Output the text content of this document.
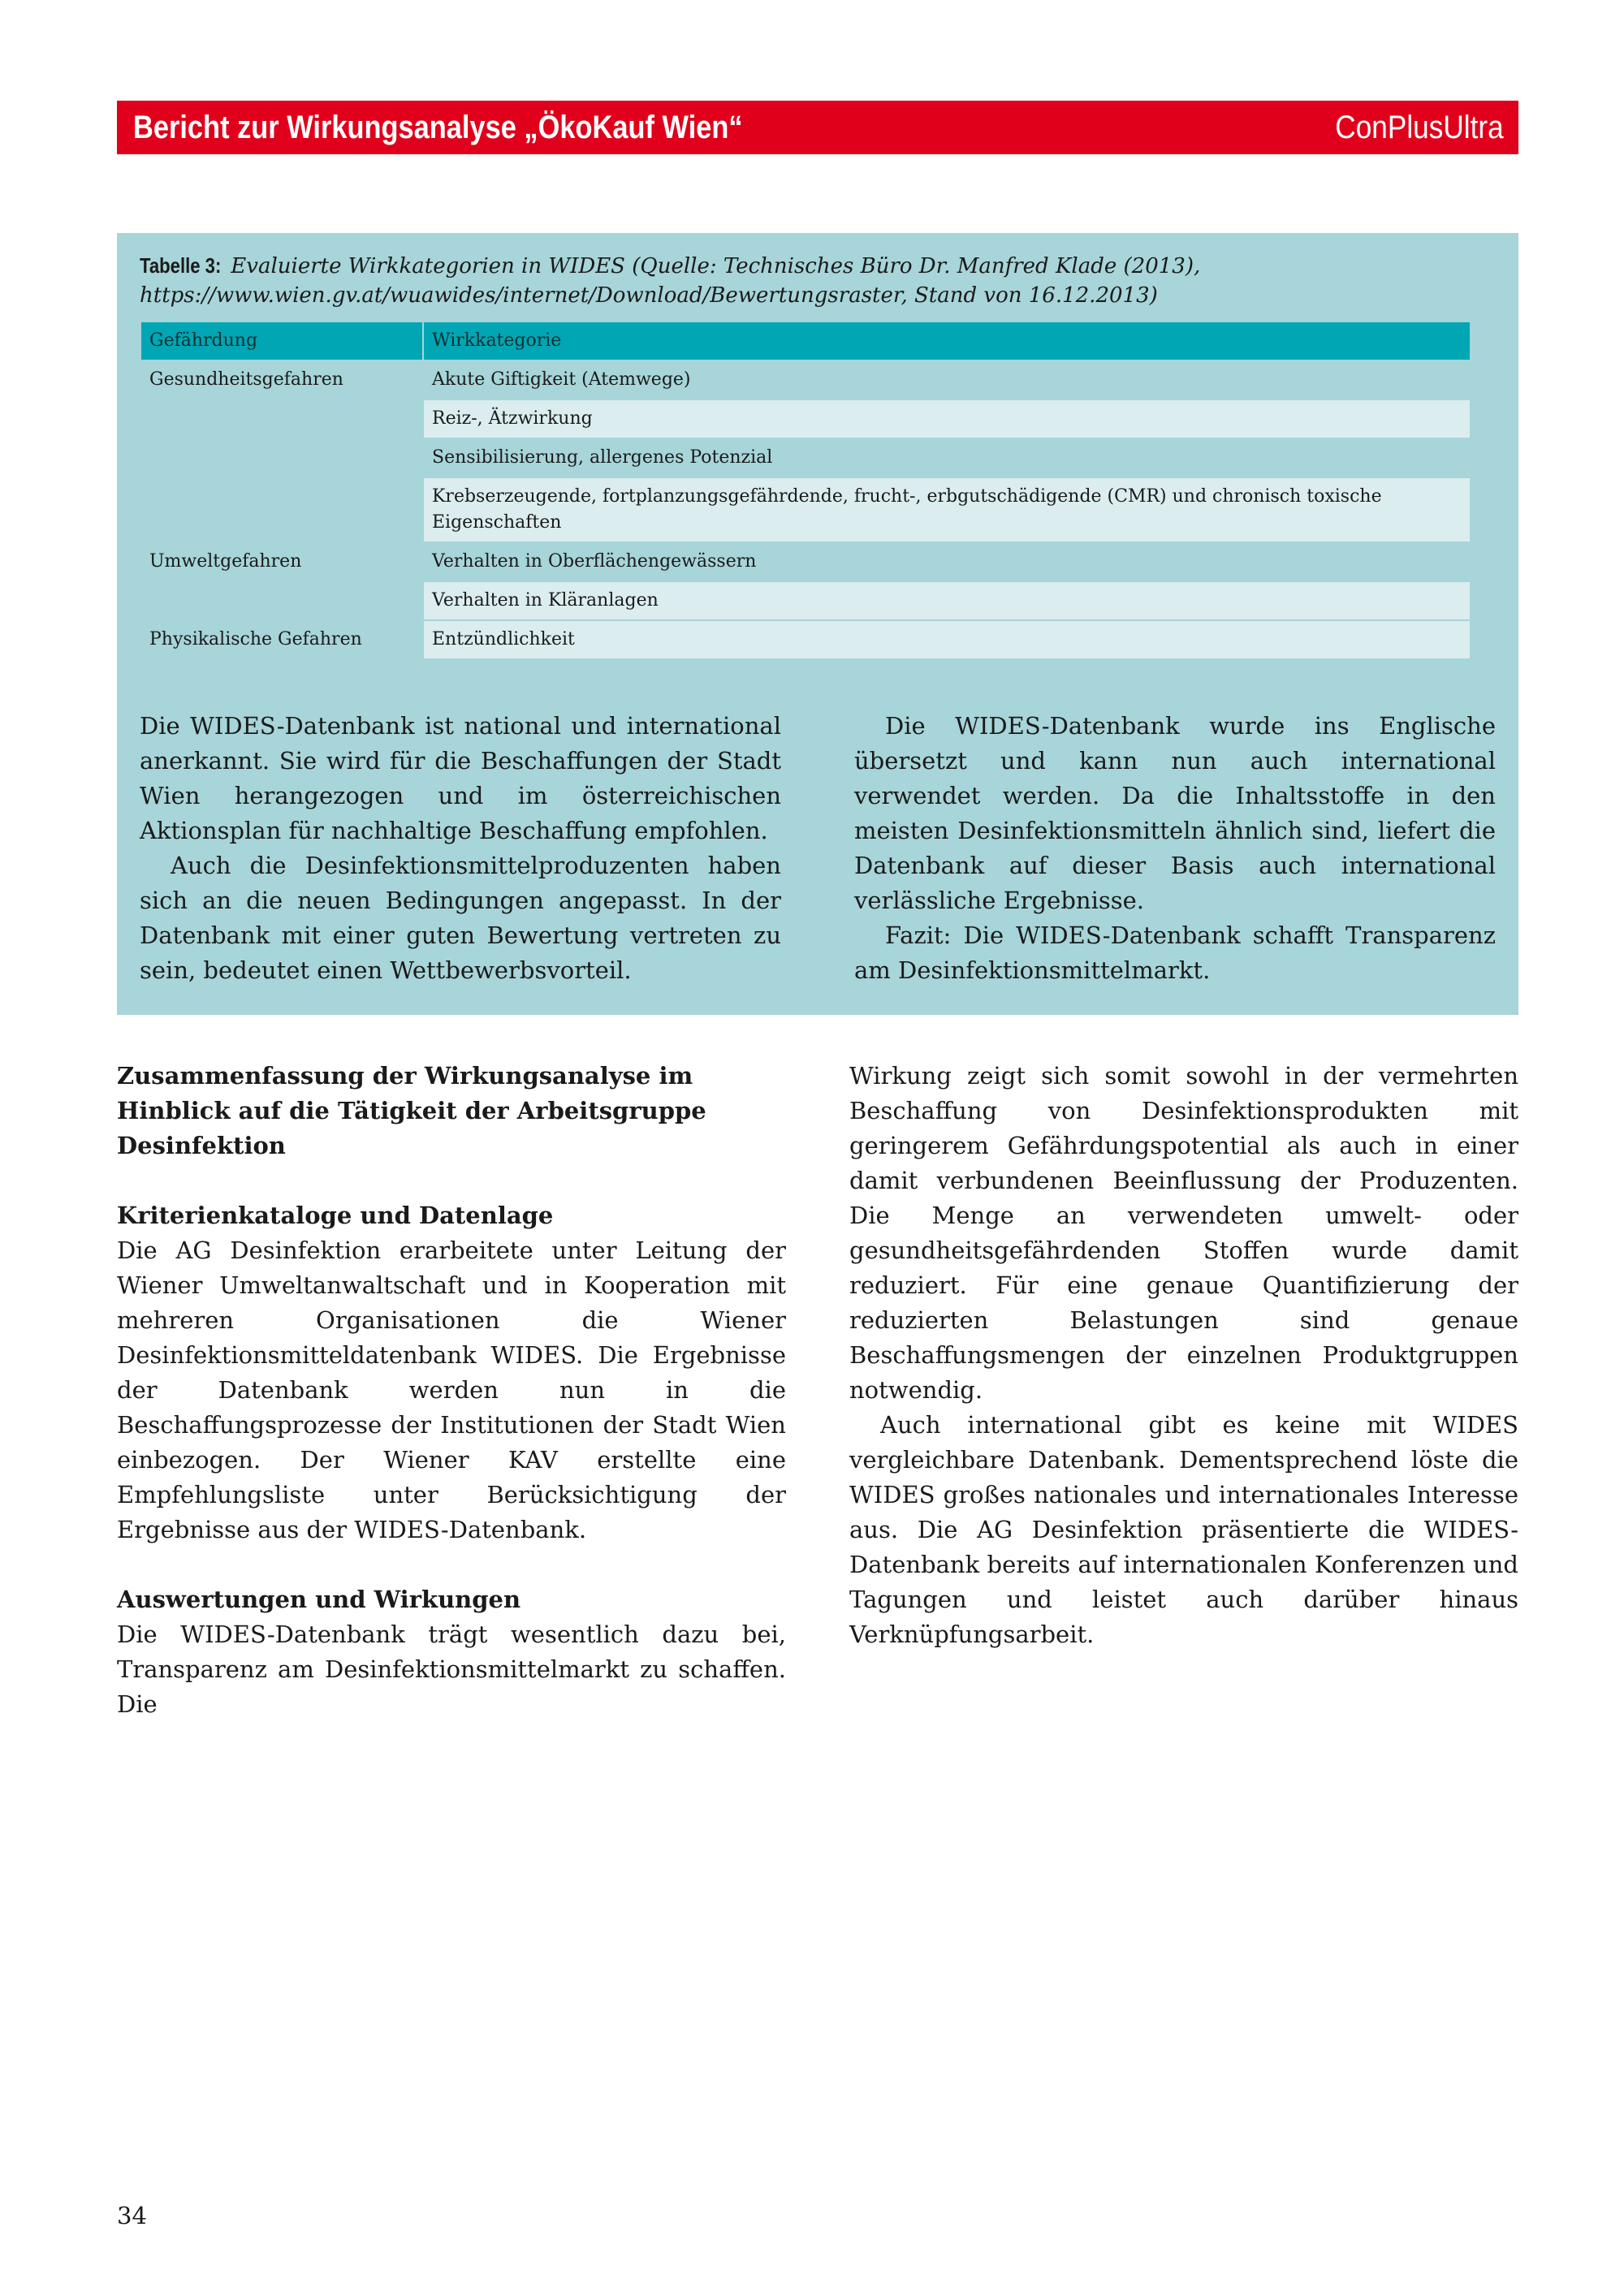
Bericht zur Wirkungsanalyse „ÖkoKauf Wien“	ConPlusUltra
Tabelle 3: Evaluierte Wirkkategorien in WIDES (Quelle: Technisches Büro Dr. Manfred Klade (2013), https://www.wien.gv.at/wuawides/internet/Download/Bewertungsraster, Stand von 16.12.2013)
Gefährdung	Wirkkategorie
Gesundheitsgefahren	Akute Giftigkeit (Atemwege)
	Reiz-, Ätzwirkung
	Sensibilisierung, allergenes Potenzial
	Krebserzeugende, fortplanzungsgefährdende, frucht-, erbgutschädigende (CMR) und chronisch toxische Eigenschaften
Umweltgefahren	Verhalten in Oberflächengewässern
	Verhalten in Kläranlagen
Physikalische Gefahren	Entzündlichkeit

Die WIDES-Datenbank ist national und international anerkannt. Sie wird für die Beschaffungen der Stadt Wien herangezogen und im österreichischen Aktionsplan für nachhaltige Beschaffung empfohlen.

Auch die Desinfektionsmittelproduzenten haben sich an die neuen Bedingungen angepasst. In der Datenbank mit einer guten Bewertung vertreten zu sein, bedeutet einen Wettbewerbsvorteil.

Die WIDES-Datenbank wurde ins Englische übersetzt und kann nun auch international verwendet werden. Da die Inhaltsstoffe in den meisten Desinfektionsmitteln ähnlich sind, liefert die Datenbank auf dieser Basis auch international verlässliche Ergebnisse.

Fazit: Die WIDES-Datenbank schafft Transparenz am Desinfektionsmittelmarkt.

Zusammenfassung der Wirkungsanalyse im Hinblick auf die Tätigkeit der Arbeitsgruppe Desinfektion

Kriterienkataloge und Datenlage

Die AG Desinfektion erarbeitete unter Leitung der Wiener Umweltanwaltschaft und in Kooperation mit mehreren Organisationen die Wiener Desinfektionsmitteldatenbank WIDES. Die Ergebnisse der Datenbank werden nun in die Beschaffungsprozesse der Institutionen der Stadt Wien einbezogen. Der Wiener KAV erstellte eine Empfehlungsliste unter Berücksichtigung der Ergebnisse aus der WIDES-Datenbank.

Auswertungen und Wirkungen

Die WIDES-Datenbank trägt wesentlich dazu bei, Transparenz am Desinfektionsmittelmarkt zu schaffen. Die

Wirkung zeigt sich somit sowohl in der vermehrten Beschaffung von Desinfektionsprodukten mit geringerem Gefährdungspotential als auch in einer damit verbundenen Beeinflussung der Produzenten. Die Menge an verwendeten umwelt- oder gesundheitsgefährdenden Stoffen wurde damit reduziert. Für eine genaue Quantifizierung der reduzierten Belastungen sind genaue Beschaffungsmengen der einzelnen Produktgruppen notwendig.

Auch international gibt es keine mit WIDES vergleichbare Datenbank. Dementsprechend löste die WIDES großes nationales und internationales Interesse aus. Die AG Desinfektion präsentierte die WIDES-Datenbank bereits auf internationalen Konferenzen und Tagungen und leistet auch darüber hinaus Verknüpfungsarbeit.

34
